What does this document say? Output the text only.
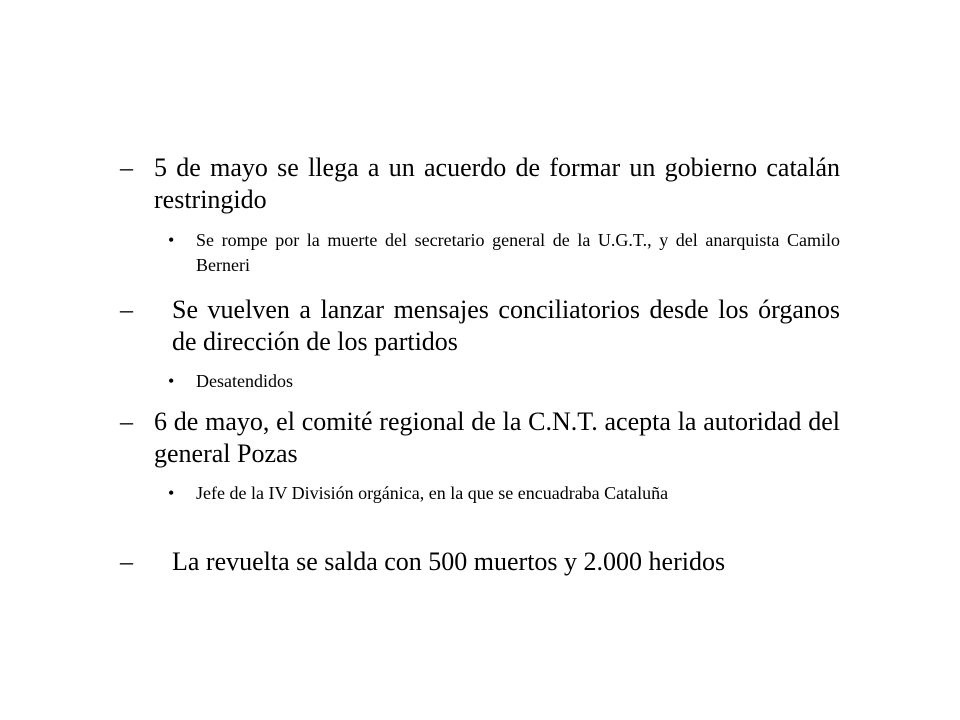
– 5 de mayo se llega a un acuerdo de formar un gobierno catalán restringido
• Se rompe por la muerte del secretario general de la U.G.T., y del anarquista Camilo Berneri
– Se vuelven a lanzar mensajes conciliatorios desde los órganos de dirección de los partidos
• Desatendidos
– 6 de mayo, el comité regional de la C.N.T. acepta la autoridad del general Pozas
• Jefe de la IV División orgánica, en la que se encuadraba Cataluña
– La revuelta se salda con 500 muertos y 2.000 heridos
